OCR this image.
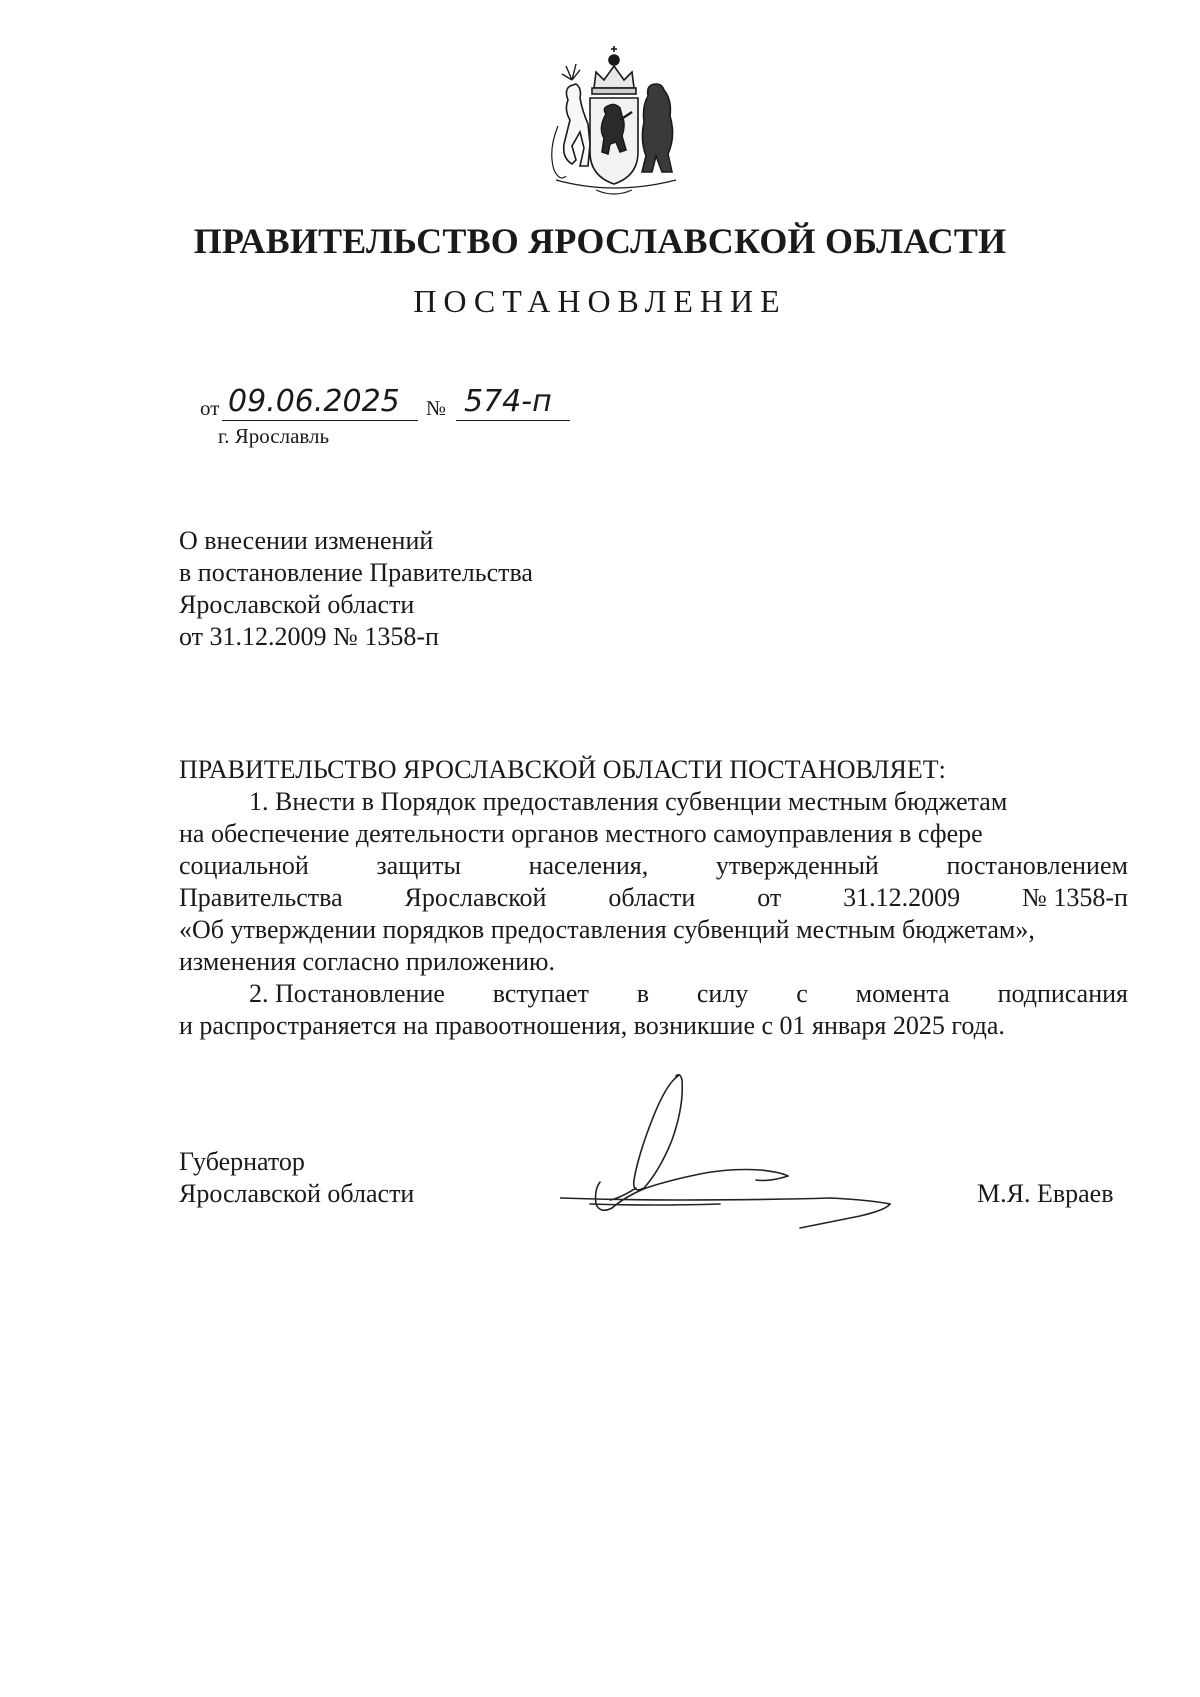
ПРАВИТЕЛЬСТВО ЯРОСЛАВСКОЙ ОБЛАСТИ
ПОСТАНОВЛЕНИЕ
от 09.06.2025	№ 574-п
г. Ярославль
О внесении изменений
в постановление Правительства
Ярославской области
от 31.12.2009 № 1358-п
ПРАВИТЕЛЬСТВО ЯРОСЛАВСКОЙ ОБЛАСТИ ПОСТАНОВЛЯЕТ:
1. Внести в Порядок предоставления субвенции местным бюджетам
на обеспечение деятельности органов местного самоуправления в сфере
социальной	защиты	населения,	утвержденный	постановлением
Правительства Ярославской области от 31.12.2009 № 1358-п
«Об утверждении порядков предоставления субвенций местным бюджетам»,
изменения согласно приложению.
2. Постановление вступает в силу с момента подписания
и распространяется на правоотношения, возникшие с 01 января 2025 года.
Губернатор
Ярославской области	М.Я. Евраев
